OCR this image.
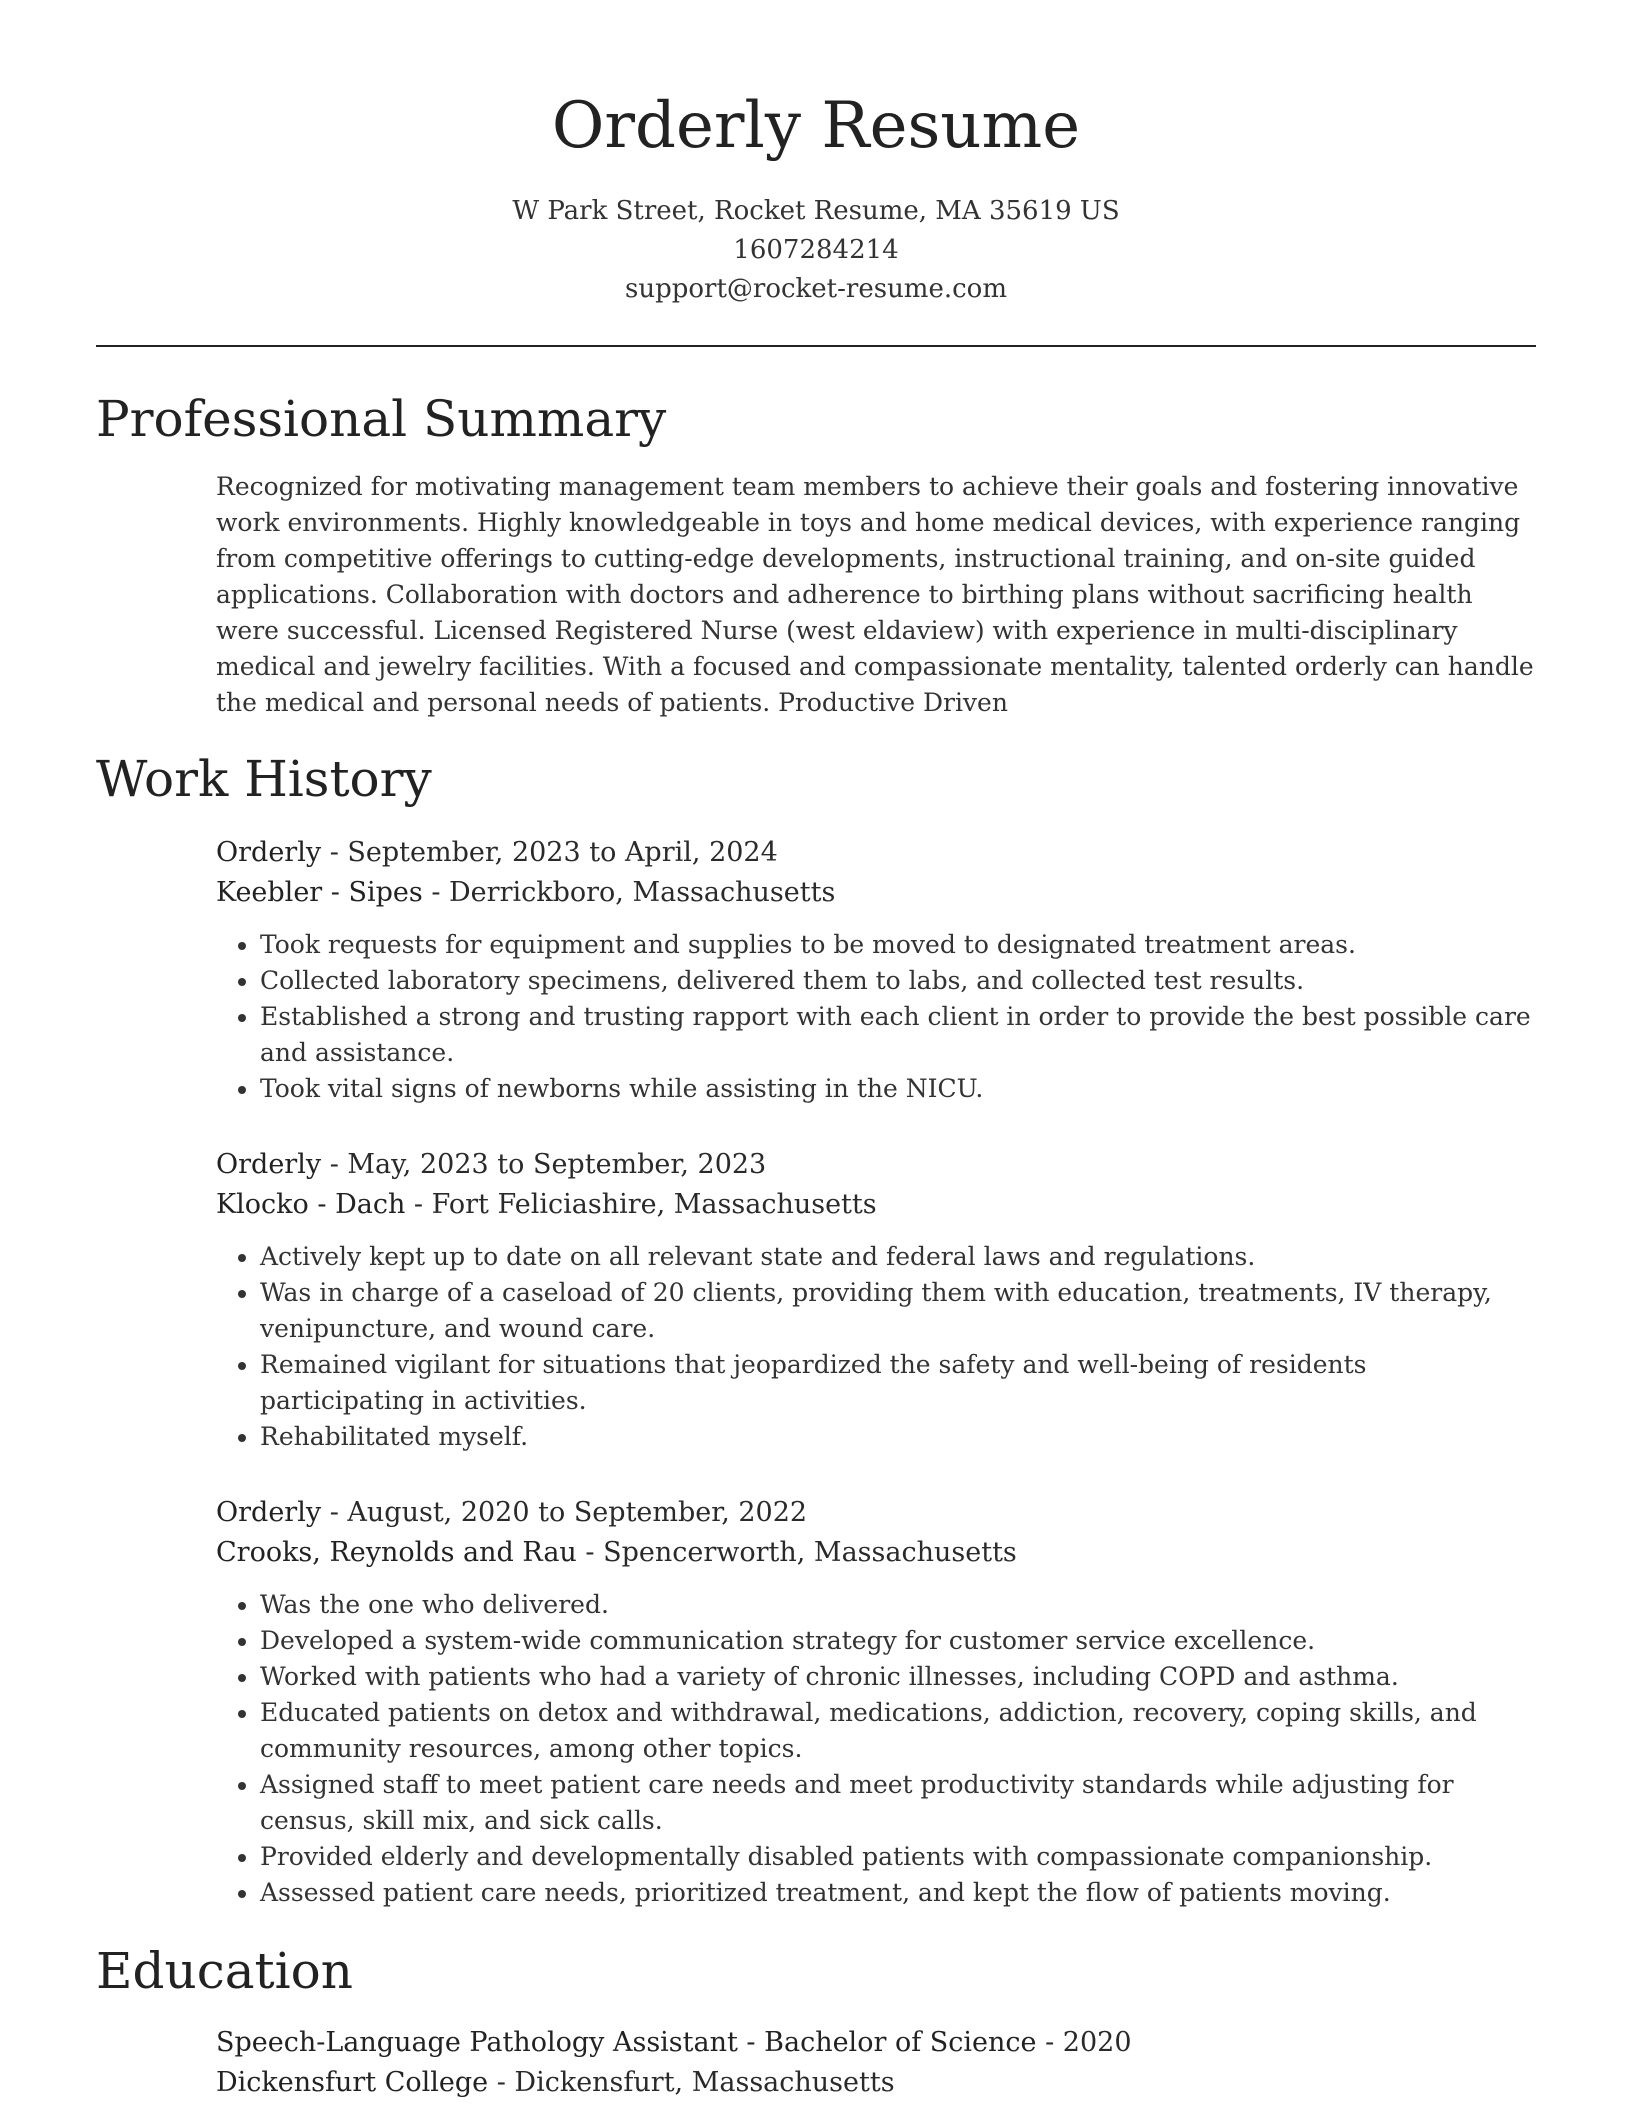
Orderly Resume
W Park Street, Rocket Resume, MA 35619 US
1607284214
support@rocket-resume.com
Professional Summary
Recognized for motivating management team members to achieve their goals and fostering innovative work environments. Highly knowledgeable in toys and home medical devices, with experience ranging from competitive offerings to cutting-edge developments, instructional training, and on-site guided applications. Collaboration with doctors and adherence to birthing plans without sacrificing health were successful. Licensed Registered Nurse (west eldaview) with experience in multi-disciplinary medical and jewelry facilities. With a focused and compassionate mentality, talented orderly can handle the medical and personal needs of patients. Productive Driven
Work History
Orderly - September, 2023 to April, 2024
Keebler - Sipes - Derrickboro, Massachusetts
• Took requests for equipment and supplies to be moved to designated treatment areas.
• Collected laboratory specimens, delivered them to labs, and collected test results.
• Established a strong and trusting rapport with each client in order to provide the best possible care and assistance.
• Took vital signs of newborns while assisting in the NICU.
Orderly - May, 2023 to September, 2023
Klocko - Dach - Fort Feliciashire, Massachusetts
• Actively kept up to date on all relevant state and federal laws and regulations.
• Was in charge of a caseload of 20 clients, providing them with education, treatments, IV therapy, venipuncture, and wound care.
• Remained vigilant for situations that jeopardized the safety and well-being of residents participating in activities.
• Rehabilitated myself.
Orderly - August, 2020 to September, 2022
Crooks, Reynolds and Rau - Spencerworth, Massachusetts
• Was the one who delivered.
• Developed a system-wide communication strategy for customer service excellence.
• Worked with patients who had a variety of chronic illnesses, including COPD and asthma.
• Educated patients on detox and withdrawal, medications, addiction, recovery, coping skills, and community resources, among other topics.
• Assigned staff to meet patient care needs and meet productivity standards while adjusting for census, skill mix, and sick calls.
• Provided elderly and developmentally disabled patients with compassionate companionship.
• Assessed patient care needs, prioritized treatment, and kept the flow of patients moving.
Education
Speech-Language Pathology Assistant - Bachelor of Science - 2020
Dickensfurt College - Dickensfurt, Massachusetts
